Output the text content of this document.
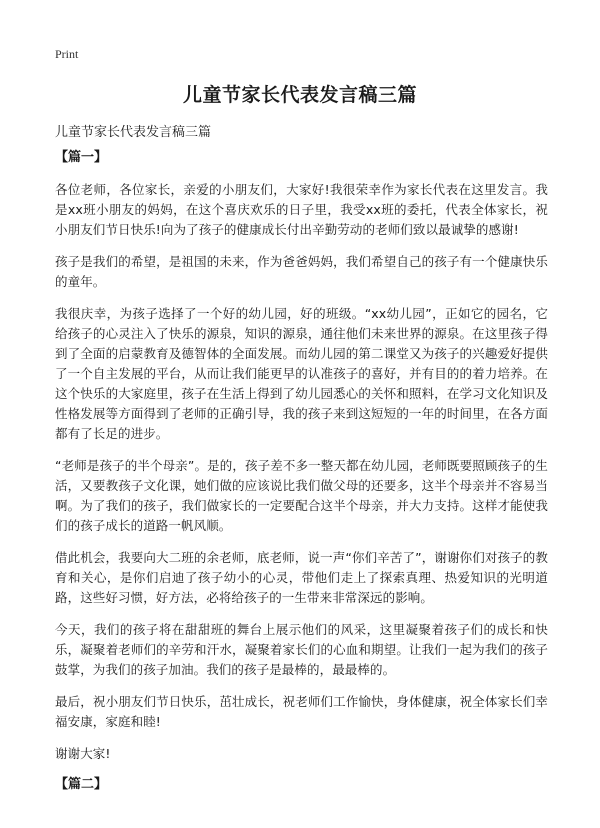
Print
儿童节家长代表发言稿三篇

儿童节家长代表发言稿三篇

【篇一】

各位老师，各位家长，亲爱的小朋友们，大家好!我很荣幸作为家长代表在这里发言。我是xx班小朋友的妈妈，在这个喜庆欢乐的日子里，我受xx班的委托，代表全体家长，祝小朋友们节日快乐!向为了孩子的健康成长付出辛勤劳动的老师们致以最诚挚的感谢!

孩子是我们的希望，是祖国的未来，作为爸爸妈妈，我们希望自己的孩子有一个健康快乐的童年。

我很庆幸，为孩子选择了一个好的幼儿园，好的班级。“xx幼儿园”，正如它的园名，它给孩子的心灵注入了快乐的源泉，知识的源泉，通往他们未来世界的源泉。在这里孩子得到了全面的启蒙教育及德智体的全面发展。而幼儿园的第二课堂又为孩子的兴趣爱好提供了一个自主发展的平台，从而让我们能更早的认准孩子的喜好，并有目的的着力培养。在这个快乐的大家庭里，孩子在生活上得到了幼儿园悉心的关怀和照料，在学习文化知识及性格发展等方面得到了老师的正确引导，我的孩子来到这短短的一年的时间里，在各方面都有了长足的进步。

“老师是孩子的半个母亲”。是的，孩子差不多一整天都在幼儿园，老师既要照顾孩子的生活，又要教孩子文化课，她们做的应该说比我们做父母的还要多，这半个母亲并不容易当啊。为了我们的孩子，我们做家长的一定要配合这半个母亲，并大力支持。这样才能使我们的孩子成长的道路一帆风顺。

借此机会，我要向大二班的余老师，底老师，说一声“你们辛苦了”，谢谢你们对孩子的教育和关心，是你们启迪了孩子幼小的心灵，带他们走上了探索真理、热爱知识的光明道路，这些好习惯，好方法，必将给孩子的一生带来非常深远的影响。

今天，我们的孩子将在甜甜班的舞台上展示他们的风采，这里凝聚着孩子们的成长和快乐，凝聚着老师们的辛劳和汗水，凝聚着家长们的心血和期望。让我们一起为我们的孩子鼓掌，为我们的孩子加油。我们的孩子是最棒的，最最棒的。

最后，祝小朋友们节日快乐，茁壮成长，祝老师们工作愉快，身体健康，祝全体家长们幸福安康，家庭和睦!

谢谢大家!

【篇二】
